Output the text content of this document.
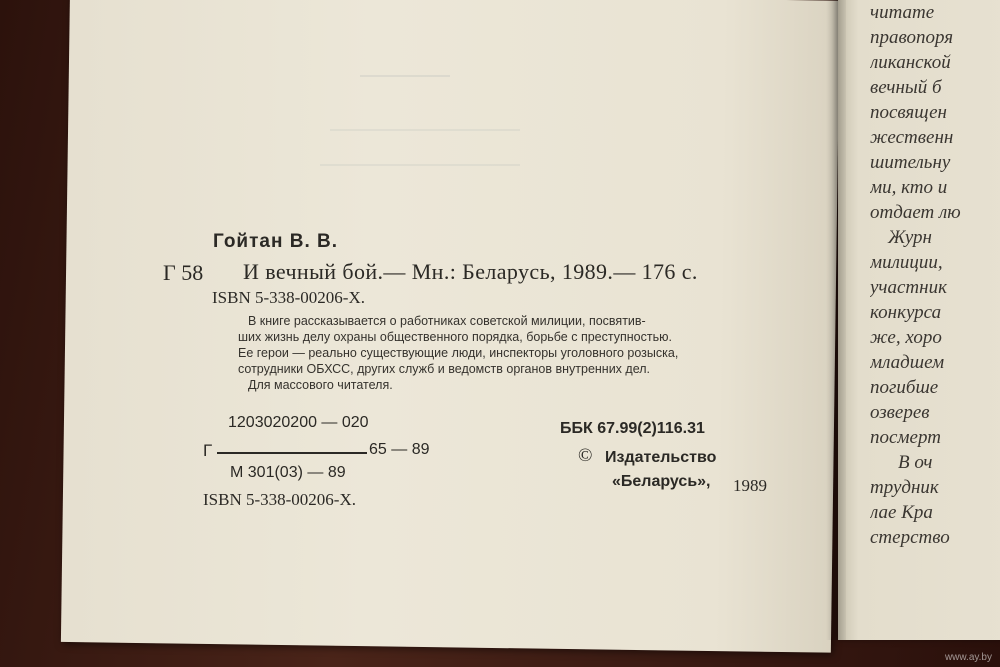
Гойтан В. В.
Г 58 И вечный бой.— Мн.: Беларусь, 1989.— 176 с.
ISBN 5-338-00206-X.
В книге рассказывается о работниках советской милиции, посвятив-
ших жизнь делу охраны общественного порядка, борьбе с преступностью.
Ее герои — реально существующие люди, инспекторы уголовного розыска,
сотрудники ОБХСС, других служб и ведомств органов внутренних дел.
Для массового читателя.
1203020200 — 020
Г	65 — 89
М 301(03) — 89
ISBN 5-338-00206-X.
ББК 67.99(2)116.31
© Издательство
«Беларусь», 1989
читате
правопоря
ликанской
вечный б
посвящен
жественн
шительну
ми, кто и
отдает лю
Журн
милиции,
участник
конкурса
же, хоро
младшем
погибше
озверев
посмерт
В оч
трудник
лае Кра
стерство
www.ay.by
